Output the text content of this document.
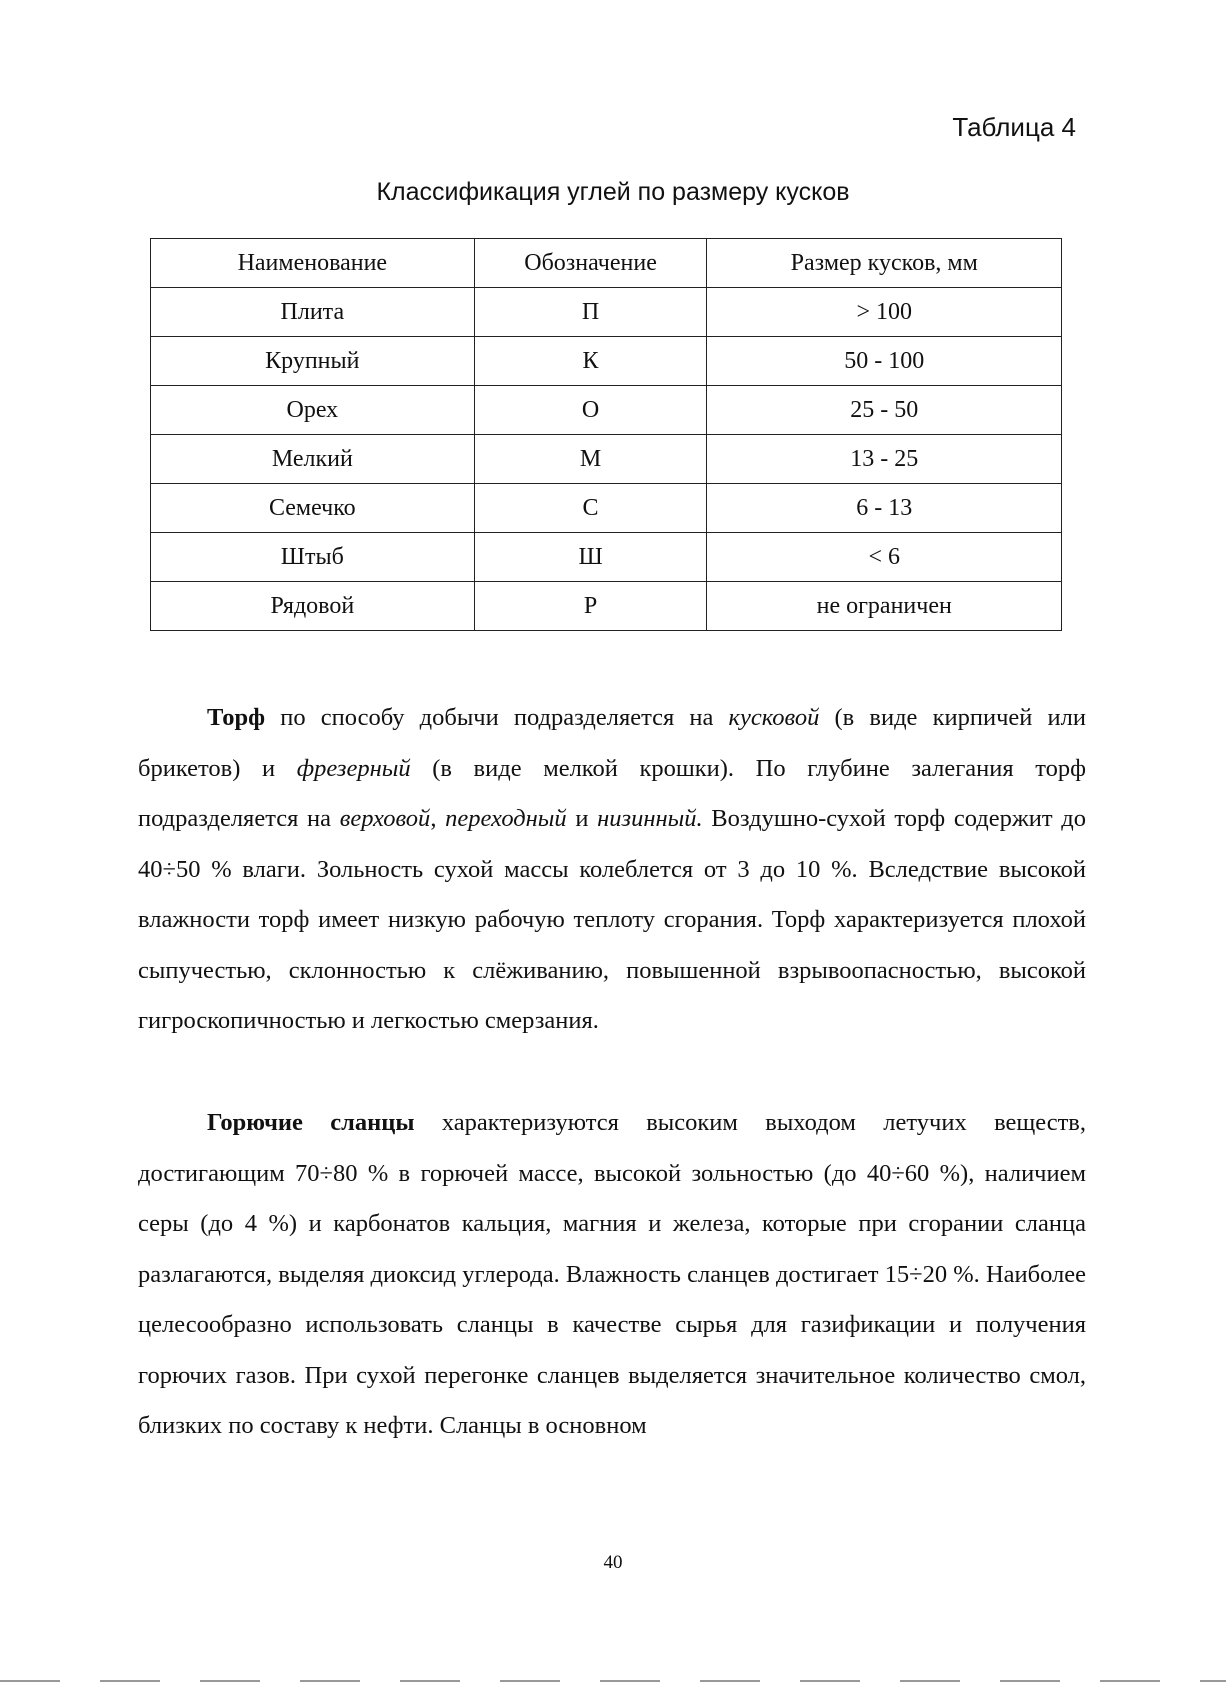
Таблица 4

Классификация углей по размеру кусков
Наименование	Обозначение	Размер кусков, мм
Плита	П	> 100
Крупный	К	50 - 100
Орех	О	25 - 50
Мелкий	М	13 - 25
Семечко	С	6 - 13
Штыб	Ш	< 6
Рядовой	Р	не ограничен

Торф по способу добычи подразделяется на кусковой (в виде кирпичей или брикетов) и фрезерный (в виде мелкой крошки). По глубине залегания торф подразделяется на верховой, переходный и низинный. Воздушно-сухой торф содержит до 40÷50 % влаги. Зольность сухой массы колеблется от 3 до 10 %. Вследствие высокой влажности торф имеет низкую рабочую теплоту сгорания. Торф характеризуется плохой сыпучестью, склонностью к слёживанию, повышенной взрывоопасностью, высокой гигроскопичностью и легкостью смерзания.

Горючие сланцы характеризуются высоким выходом летучих веществ, достигающим 70÷80 % в горючей массе, высокой зольностью (до 40÷60 %), наличием серы (до 4 %) и карбонатов кальция, магния и железа, которые при сгорании сланца разлагаются, выделяя диоксид углерода. Влажность сланцев достигает 15÷20 %. Наиболее целесообразно использовать сланцы в качестве сырья для газификации и получения горючих газов. При сухой перегонке сланцев выделяется значительное количество смол, близких по составу к нефти. Сланцы в основном

40
